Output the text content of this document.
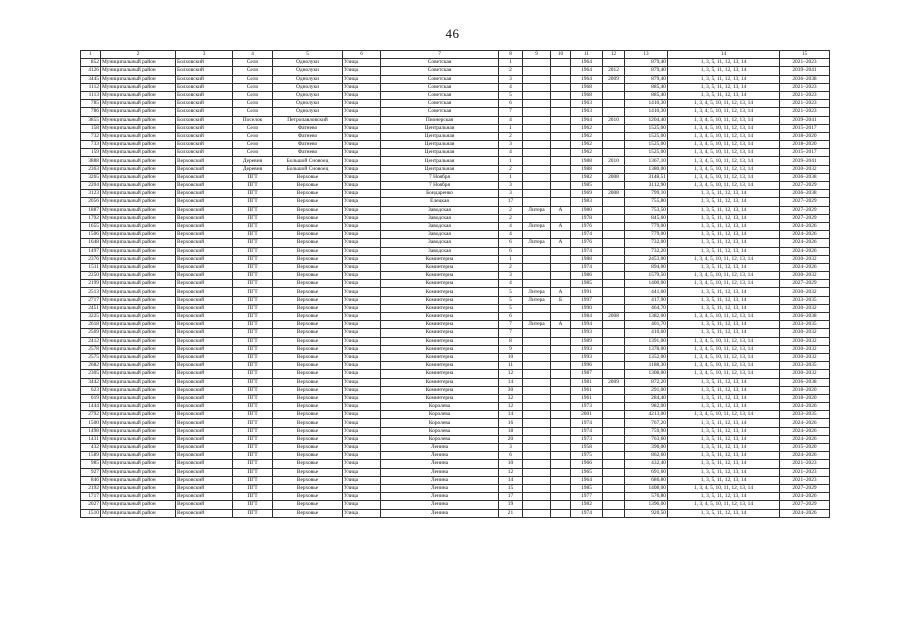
46
1	2	3	4	5	6	7	8	9	10	11	12	13	14	15
852	Муниципальный район	Болховский	Село	Однолуки	Улица	Советская	1			1964		879,40	1, 3, 5, 11, 12, 13, 14	2021–2023
4126	Муниципальный район	Болховский	Село	Однолуки	Улица	Советская	2			1964	2012	879,40	1, 3, 5, 11, 12, 13, 14	2039–2041
3445	Муниципальный район	Болховский	Село	Однолуки	Улица	Советская	3			1964	2009	879,40	1, 3, 5, 11, 12, 13, 14	2036–2038
1112	Муниципальный район	Болховский	Село	Однолуки	Улица	Советская	4			1968		885,40	1, 3, 5, 11, 12, 13, 14	2021–2023
1113	Муниципальный район	Болховский	Село	Однолуки	Улица	Советская	5			1968		885,40	1, 3, 5, 11, 12, 13, 14	2021–2023
785	Муниципальный район	Болховский	Село	Однолуки	Улица	Советская	6			1963		1410,30	1, 3, 4, 5, 10, 11, 12, 13, 14	2021–2023
786	Муниципальный район	Болховский	Село	Однолуки	Улица	Советская	7			1963		1410,30	1, 3, 4, 5, 10, 11, 12, 13, 14	2021–2023
3855	Муниципальный район	Болховский	Поселок	Петропавловский	Улица	Пионерская	4			1964	2010	1204,40	1, 3, 4, 5, 10, 11, 12, 13, 14	2039–2041
158	Муниципальный район	Болховский	Село	Фатнево	Улица	Центральная	1			1962		1525,00	1, 3, 4, 5, 10, 11, 12, 13, 14	2015–2017
732	Муниципальный район	Болховский	Село	Фатнево	Улица	Центральная	2			1962		1525,00	1, 3, 4, 5, 10, 11, 12, 13, 14	2018–2020
733	Муниципальный район	Болховский	Село	Фатнево	Улица	Центральная	3			1962		1525,00	1, 3, 4, 5, 10, 11, 12, 13, 14	2018–2020
159	Муниципальный район	Болховский	Село	Фатнево	Улица	Центральная	4			1962		1525,00	1, 3, 4, 5, 10, 11, 12, 13, 14	2015–2017
3888	Муниципальный район	Верховский	Деревня	Большой Сновоец	Улица	Центральная	1			1988	2010	1367,10	1, 3, 4, 5, 10, 11, 12, 13, 14	2039–2041
2363	Муниципальный район	Верховский	Деревня	Большой Сновоец	Улица	Центральная	2			1988		1380,00	1, 3, 4, 5, 10, 11, 12, 13, 14	2030–2032
3265	Муниципальный район	Верховский	ПГТ	Верховье	Улица	7 Ноября	1			1982	2008	3148,51	1, 3, 4, 5, 10, 11, 12, 13, 14	2036–2038
2204	Муниципальный район	Верховский	ПГТ	Верховье	Улица	7 Ноября	3			1985		3112,90	1, 3, 4, 5, 10, 11, 12, 13, 14	2027–2029
3123	Муниципальный район	Верховский	ПГТ	Верховье	Улица	Бондаренко	3			1969	2008	799,10	1, 3, 5, 11, 12, 13, 14	2036–2038
2056	Муниципальный район	Верховский	ПГТ	Верховье	Улица	Елецкая	17			1983		755,80	1, 3, 5, 11, 12, 13, 14	2027–2029
1887	Муниципальный район	Верховский	ПГТ	Верховье	Улица	Заводская	2	Литера	А	1980		753,50	1, 3, 5, 11, 12, 13, 14	2027–2029
1792	Муниципальный район	Верховский	ПГТ	Верховье	Улица	Заводская	2			1978		845,60	1, 3, 5, 11, 12, 13, 14	2027–2029
1655	Муниципальный район	Верховский	ПГТ	Верховье	Улица	Заводская	4	Литера	А	1976		779,00	1, 3, 5, 11, 12, 13, 14	2024–2026
1506	Муниципальный район	Верховский	ПГТ	Верховье	Улица	Заводская	4			1974		779,00	1, 3, 5, 11, 12, 13, 14	2024–2026
1648	Муниципальный район	Верховский	ПГТ	Верховье	Улица	Заводская	6	Литера	А	1976		732,00	1, 3, 5, 11, 12, 13, 14	2024–2026
1497	Муниципальный район	Верховский	ПГТ	Верховье	Улица	Заводская	6			1974		732,20	1, 3, 5, 11, 12, 13, 14	2024–2026
2376	Муниципальный район	Верховский	ПГТ	Верховье	Улица	Коминтерна	1			1988		2453,00	1, 3, 4, 5, 10, 11, 12, 13, 14	2030–2032
1511	Муниципальный район	Верховский	ПГТ	Верховье	Улица	Коминтерна	2			1974		894,00	1, 3, 5, 11, 12, 13, 14	2024–2026
2250	Муниципальный район	Верховский	ПГТ	Верховье	Улица	Коминтерна	3			1986		1579,50	1, 3, 4, 5, 10, 11, 12, 13, 14	2030–2032
2199	Муниципальный район	Верховский	ПГТ	Верховье	Улица	Коминтерна	4			1985		1400,00	1, 3, 4, 5, 10, 11, 12, 13, 14	2027–2029
2513	Муниципальный район	Верховский	ПГТ	Верховье	Улица	Коминтерна	5	Литера	А	1991		441,60	1, 3, 5, 11, 12, 13, 14	2030–2032
2717	Муниципальный район	Верховский	ПГТ	Верховье	Улица	Коминтерна	5	Литера	Б	1997		417,90	1, 3, 5, 11, 12, 13, 14	2033–2035
2451	Муниципальный район	Верховский	ПГТ	Верховье	Улица	Коминтерна	5			1990		464,70	1, 3, 5, 11, 12, 13, 14	2030–2032
3225	Муниципальный район	Верховский	ПГТ	Верховье	Улица	Коминтерна	6			1984	2008	1382,00	1, 3, 4, 5, 10, 11, 12, 13, 14	2036–2038
2618	Муниципальный район	Верховский	ПГТ	Верховье	Улица	Коминтерна	7	Литера	А	1994		401,70	1, 3, 5, 11, 12, 13, 14	2033–2035
2569	Муниципальный район	Верховский	ПГТ	Верховье	Улица	Коминтерна	7			1993		410,60	1, 3, 5, 11, 12, 13, 14	2030–2032
2412	Муниципальный район	Верховский	ПГТ	Верховье	Улица	Коминтерна	8			1989		1391,00	1, 3, 4, 5, 10, 11, 12, 13, 14	2030–2032
2578	Муниципальный район	Верховский	ПГТ	Верховье	Улица	Коминтерна	9			1993		1378,00	1, 3, 4, 5, 10, 11, 12, 13, 14	2030–2032
2575	Муниципальный район	Верховский	ПГТ	Верховье	Улица	Коминтерна	10			1993		1352,00	1, 3, 4, 5, 10, 11, 12, 13, 14	2030–2032
2682	Муниципальный район	Верховский	ПГТ	Верховье	Улица	Коминтерна	11			1996		1188,30	1, 3, 4, 5, 10, 11, 12, 13, 14	2033–2035
2305	Муниципальный район	Верховский	ПГТ	Верховье	Улица	Коминтерна	12			1987		1308,00	1, 3, 4, 5, 10, 11, 12, 13, 14	2030–2032
3442	Муниципальный район	Верховский	ПГТ	Верховье	Улица	Коминтерна	14			1981	2009	872,20	1, 3, 5, 11, 12, 13, 14	2036–2038
623	Муниципальный район	Верховский	ПГТ	Верховье	Улица	Коминтерна	30			1961		291,00	1, 3, 5, 11, 12, 13, 14	2018–2020
619	Муниципальный район	Верховский	ПГТ	Верховье	Улица	Коминтерна	32			1961		284,40	1, 3, 5, 11, 12, 13, 14	2018–2020
1444	Муниципальный район	Верховский	ПГТ	Верховье	Улица	Королева	12			1973		982,00	1, 3, 5, 11, 12, 13, 14	2024–2026
2792	Муниципальный район	Верховский	ПГТ	Верховье	Улица	Королева	14			2001		4213,00	1, 3, 4, 5, 10, 11, 12, 13, 14	2033–2035
1500	Муниципальный район	Верховский	ПГТ	Верховье	Улица	Королева	16			1974		767,20	1, 3, 5, 11, 12, 13, 14	2024–2026
1498	Муниципальный район	Верховский	ПГТ	Верховье	Улица	Королева	18			1974		759,90	1, 3, 5, 11, 12, 13, 14	2024–2026
1431	Муниципальный район	Верховский	ПГТ	Верховье	Улица	Королева	20			1973		763,60	1, 3, 5, 11, 12, 13, 14	2024–2026
432	Муниципальный район	Верховский	ПГТ	Верховье	Улица	Ленина	3			1958		390,00	1, 3, 5, 11, 12, 13, 14	2015–2020
1589	Муниципальный район	Верховский	ПГТ	Верховье	Улица	Ленина	6			1975		862,60	1, 3, 5, 11, 12, 13, 14	2024–2026
985	Муниципальный район	Верховский	ПГТ	Верховье	Улица	Ленина	10			1966		432,40	1, 3, 5, 11, 12, 13, 14	2021–2023
927	Муниципальный район	Верховский	ПГТ	Верховье	Улица	Ленина	12			1965		691,60	1, 3, 5, 11, 12, 13, 14	2021–2023
846	Муниципальный район	Верховский	ПГТ	Верховье	Улица	Ленина	14			1964		686,80	1, 3, 5, 11, 12, 13, 14	2021–2023
2192	Муниципальный район	Верховский	ПГТ	Верховье	Улица	Ленина	15			1985		1408,00	1, 3, 4, 5, 10, 11, 12, 13, 14	2027–2029
1717	Муниципальный район	Верховский	ПГТ	Верховье	Улица	Ленина	17			1977		576,80	1, 3, 5, 11, 12, 13, 14	2024–2026
2027	Муниципальный район	Верховский	ПГТ	Верховье	Улица	Ленина	19			1982		1396,00	1, 3, 4, 5, 10, 11, 12, 13, 14	2027–2029
1510	Муниципальный район	Верховский	ПГТ	Верховье	Улица	Ленина	21			1974		920,50	1, 3, 5, 11, 12, 13, 14	2024–2026
